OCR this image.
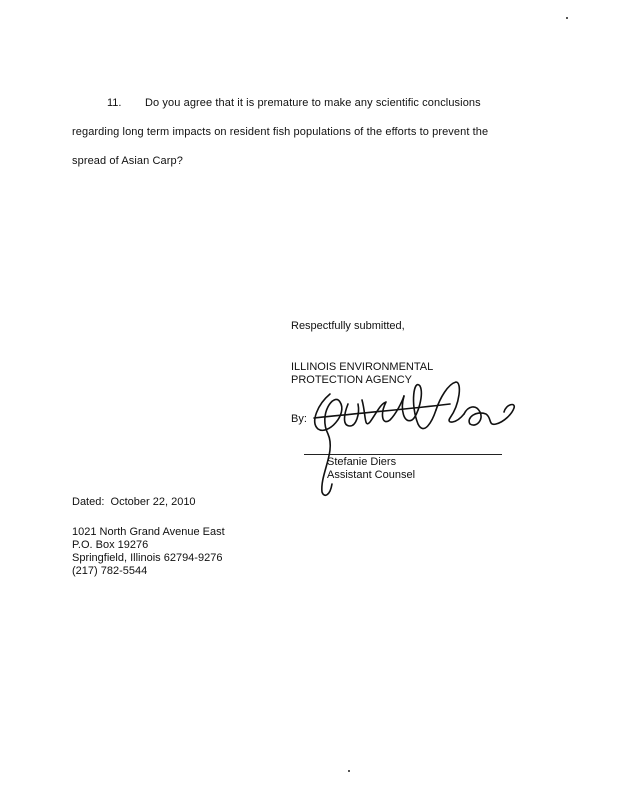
11. Do you agree that it is premature to make any scientific conclusions
regarding long term impacts on resident fish populations of the efforts to prevent the
spread of Asian Carp?
Respectfully submitted,
ILLINOIS ENVIRONMENTAL
PROTECTION AGENCY
By:
Stefanie Diers
Assistant Counsel
Dated: October 22, 2010
1021 North Grand Avenue East
P.O. Box 19276
Springfield, Illinois 62794-9276
(217) 782-5544
